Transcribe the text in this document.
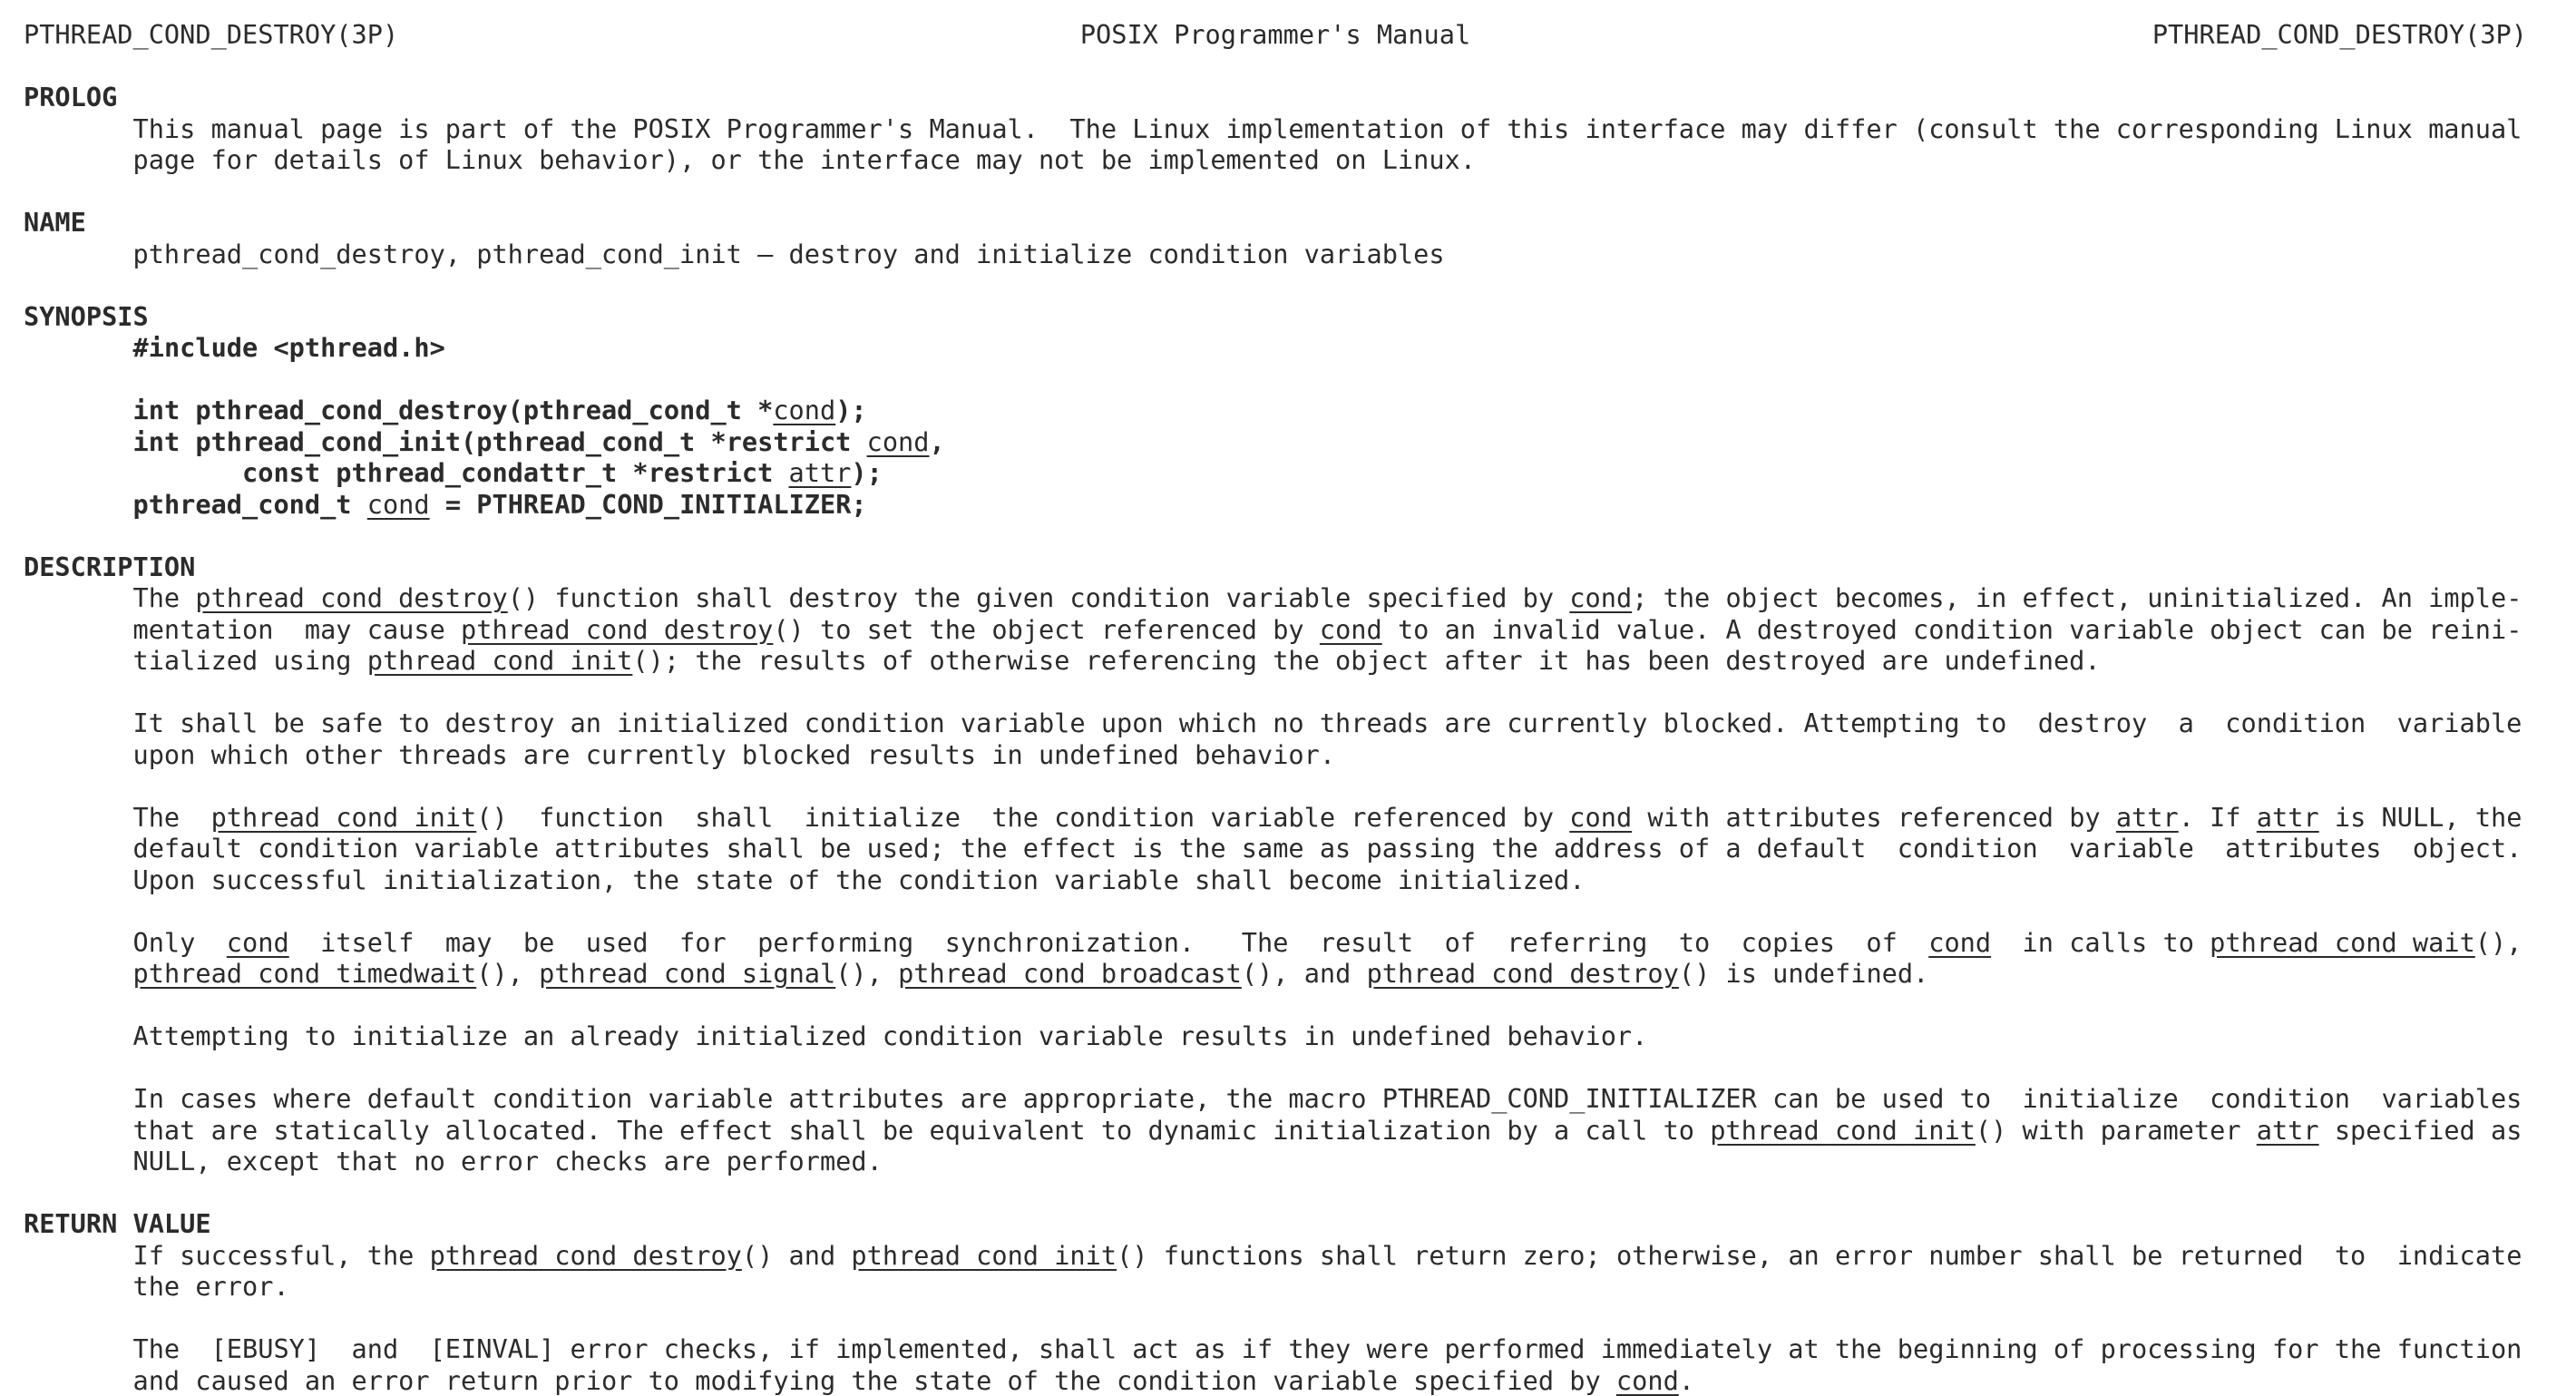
PTHREAD_COND_DESTROY(3P)	POSIX Programmer's Manual	PTHREAD_COND_DESTROY(3P)
PROLOG
This manual page is part of the POSIX Programmer's Manual.  The Linux implementation of this interface may differ (consult the corresponding Linux manual
page for details of Linux behavior), or the interface may not be implemented on Linux.
NAME
pthread_cond_destroy, pthread_cond_init — destroy and initialize condition variables
SYNOPSIS
#include <pthread.h>
int pthread_cond_destroy(pthread_cond_t *cond);
int pthread_cond_init(pthread_cond_t *restrict cond,
const pthread_condattr_t *restrict attr);
pthread_cond_t cond = PTHREAD_COND_INITIALIZER;
DESCRIPTION
The pthread_cond_destroy() function shall destroy the given condition variable specified by cond; the object becomes, in effect, uninitialized. An imple‐
mentation  may cause pthread_cond_destroy() to set the object referenced by cond to an invalid value. A destroyed condition variable object can be reini‐
tialized using pthread_cond_init(); the results of otherwise referencing the object after it has been destroyed are undefined.
It shall be safe to destroy an initialized condition variable upon which no threads are currently blocked. Attempting to  destroy  a  condition  variable
upon which other threads are currently blocked results in undefined behavior.
The  pthread_cond_init()  function  shall  initialize  the condition variable referenced by cond with attributes referenced by attr. If attr is NULL, the
default condition variable attributes shall be used; the effect is the same as passing the address of a default  condition  variable  attributes  object.
Upon successful initialization, the state of the condition variable shall become initialized.
Only  cond  itself  may  be  used  for  performing  synchronization.   The  result  of  referring  to  copies  of  cond  in calls to pthread_cond_wait(),
pthread_cond_timedwait(), pthread_cond_signal(), pthread_cond_broadcast(), and pthread_cond_destroy() is undefined.
Attempting to initialize an already initialized condition variable results in undefined behavior.
In cases where default condition variable attributes are appropriate, the macro PTHREAD_COND_INITIALIZER can be used to  initialize  condition  variables
that are statically allocated. The effect shall be equivalent to dynamic initialization by a call to pthread_cond_init() with parameter attr specified as
NULL, except that no error checks are performed.
RETURN VALUE
If successful, the pthread_cond_destroy() and pthread_cond_init() functions shall return zero; otherwise, an error number shall be returned  to  indicate
the error.
The  [EBUSY]  and  [EINVAL] error checks, if implemented, shall act as if they were performed immediately at the beginning of processing for the function
and caused an error return prior to modifying the state of the condition variable specified by cond.
